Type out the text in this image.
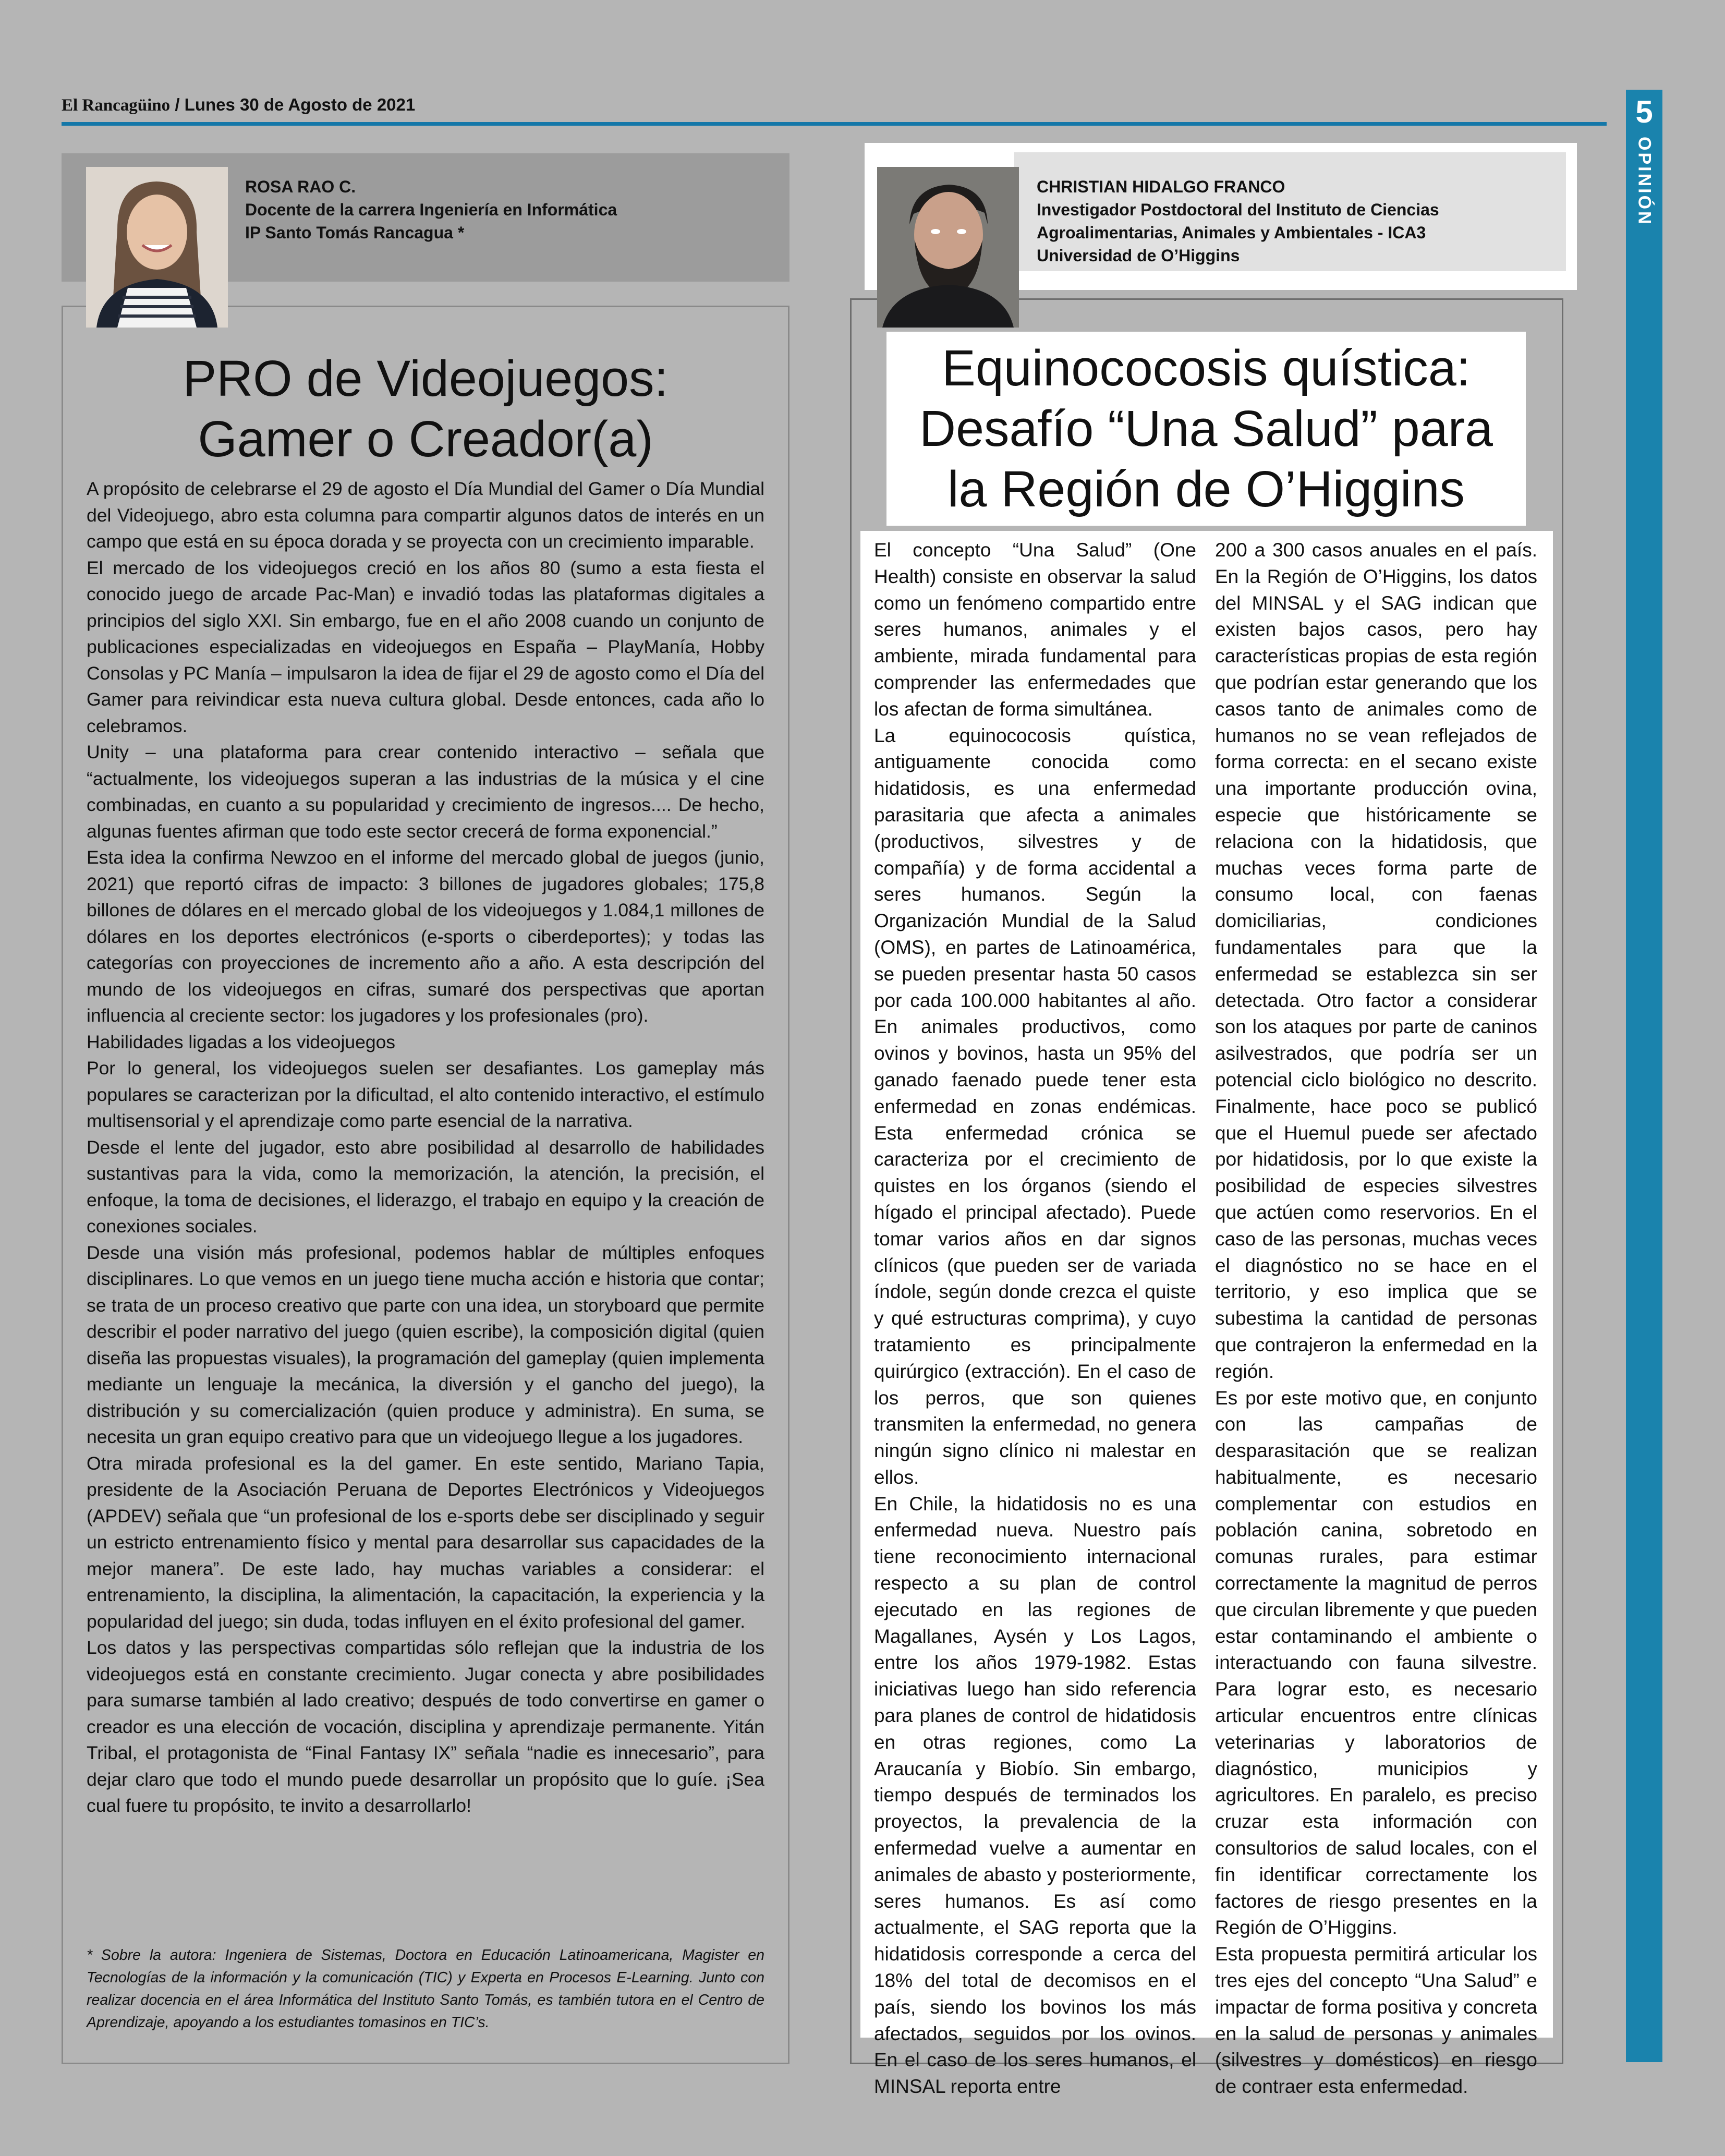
El Rancagüino / Lunes 30 de Agosto de 2021	5
OPINIÓN
ROSA RAO C.
Docente de la carrera Ingeniería en Informática
IP Santo Tomás Rancagua *
PRO de Videojuegos:
Gamer o Creador(a)

A propósito de celebrarse el 29 de agosto el Día Mundial del Gamer o Día Mundial del Videojuego, abro esta columna para compartir algunos datos de interés en un campo que está en su época dorada y se proyecta con un crecimiento imparable.

El mercado de los videojuegos creció en los años 80 (sumo a esta fiesta el conocido juego de arcade Pac-Man) e invadió todas las plataformas digitales a principios del siglo XXI. Sin embargo, fue en el año 2008 cuando un conjunto de publicaciones especializadas en videojuegos en España – PlayManía, Hobby Consolas y PC Manía – impulsaron la idea de fijar el 29 de agosto como el Día del Gamer para reivindicar esta nueva cultura global. Desde entonces, cada año lo celebramos.

Unity – una plataforma para crear contenido interactivo – señala que “actualmente, los videojuegos superan a las industrias de la música y el cine combinadas, en cuanto a su popularidad y crecimiento de ingresos.... De hecho, algunas fuentes afirman que todo este sector crecerá de forma exponencial.”

Esta idea la confirma Newzoo en el informe del mercado global de juegos (junio, 2021) que reportó cifras de impacto: 3 billones de jugadores globales; 175,8 billones de dólares en el mercado global de los videojuegos y 1.084,1 millones de dólares en los deportes electrónicos (e-sports o ciberdeportes); y todas las categorías con proyecciones de incremento año a año. A esta descripción del mundo de los videojuegos en cifras, sumaré dos perspectivas que aportan influencia al creciente sector: los jugadores y los profesionales (pro).

Habilidades ligadas a los videojuegos

Por lo general, los videojuegos suelen ser desafiantes. Los gameplay más populares se caracterizan por la dificultad, el alto contenido interactivo, el estímulo multisensorial y el aprendizaje como parte esencial de la narrativa.

Desde el lente del jugador, esto abre posibilidad al desarrollo de habilidades sustantivas para la vida, como la memorización, la atención, la precisión, el enfoque, la toma de decisiones, el liderazgo, el trabajo en equipo y la creación de conexiones sociales.

Desde una visión más profesional, podemos hablar de múltiples enfoques disciplinares. Lo que vemos en un juego tiene mucha acción e historia que contar; se trata de un proceso creativo que parte con una idea, un storyboard que permite describir el poder narrativo del juego (quien escribe), la composición digital (quien diseña las propuestas visuales), la programación del gameplay (quien implementa mediante un lenguaje la mecánica, la diversión y el gancho del juego), la distribución y su comercialización (quien produce y administra). En suma, se necesita un gran equipo creativo para que un videojuego llegue a los jugadores.

Otra mirada profesional es la del gamer. En este sentido, Mariano Tapia, presidente de la Asociación Peruana de Deportes Electrónicos y Videojuegos (APDEV) señala que “un profesional de los e-sports debe ser disciplinado y seguir un estricto entrenamiento físico y mental para desarrollar sus capacidades de la mejor manera”. De este lado, hay muchas variables a considerar: el entrenamiento, la disciplina, la alimentación, la capacitación, la experiencia y la popularidad del juego; sin duda, todas influyen en el éxito profesional del gamer.

Los datos y las perspectivas compartidas sólo reflejan que la industria de los videojuegos está en constante crecimiento. Jugar conecta y abre posibilidades para sumarse también al lado creativo; después de todo convertirse en gamer o creador es una elección de vocación, disciplina y aprendizaje permanente. Yitán Tribal, el protagonista de “Final Fantasy IX” señala “nadie es innecesario”, para dejar claro que todo el mundo puede desarrollar un propósito que lo guíe. ¡Sea cual fuere tu propósito, te invito a desarrollarlo!

* Sobre la autora: Ingeniera de Sistemas, Doctora en Educación Latinoamericana, Magister en Tecnologías de la información y la comunicación (TIC) y Experta en Procesos E-Learning. Junto con realizar docencia en el área Informática del Instituto Santo Tomás, es también tutora en el Centro de Aprendizaje, apoyando a los estudiantes tomasinos en TIC’s.
CHRISTIAN HIDALGO FRANCO
Investigador Postdoctoral del Instituto de Ciencias
Agroalimentarias, Animales y Ambientales - ICA3
Universidad de O’Higgins
Equinococosis quística:
Desafío “Una Salud” para
la Región de O’Higgins

El concepto “Una Salud” (One Health) consiste en observar la salud como un fenómeno compartido entre seres humanos, animales y el ambiente, mirada fundamental para comprender las enfermedades que los afectan de forma simultánea.

La equinococosis quística, antiguamente conocida como hidatidosis, es una enfermedad parasitaria que afecta a animales (productivos, silvestres y de compañía) y de forma accidental a seres humanos. Según la Organización Mundial de la Salud (OMS), en partes de Latinoamérica, se pueden presentar hasta 50 casos por cada 100.000 habitantes al año. En animales productivos, como ovinos y bovinos, hasta un 95% del ganado faenado puede tener esta enfermedad en zonas endémicas. Esta enfermedad crónica se caracteriza por el crecimiento de quistes en los órganos (siendo el hígado el principal afectado). Puede tomar varios años en dar signos clínicos (que pueden ser de variada índole, según donde crezca el quiste y qué estructuras comprima), y cuyo tratamiento es principalmente quirúrgico (extracción). En el caso de los perros, que son quienes transmiten la enfermedad, no genera ningún signo clínico ni malestar en ellos.

En Chile, la hidatidosis no es una enfermedad nueva. Nuestro país tiene reconocimiento internacional respecto a su plan de control ejecutado en las regiones de Magallanes, Aysén y Los Lagos, entre los años 1979-1982. Estas iniciativas luego han sido referencia para planes de control de hidatidosis en otras regiones, como La Araucanía y Biobío. Sin embargo, tiempo después de terminados los proyectos, la prevalencia de la enfermedad vuelve a aumentar en animales de abasto y posteriormente, seres humanos. Es así como actualmente, el SAG reporta que la hidatidosis corresponde a cerca del 18% del total de decomisos en el país, siendo los bovinos los más afectados, seguidos por los ovinos. En el caso de los seres humanos, el MINSAL reporta entre

200 a 300 casos anuales en el país. En la Región de O’Higgins, los datos del MINSAL y el SAG indican que existen bajos casos, pero hay características propias de esta región que podrían estar generando que los casos tanto de animales como de humanos no se vean reflejados de forma correcta: en el secano existe una importante producción ovina, especie que históricamente se relaciona con la hidatidosis, que muchas veces forma parte de consumo local, con faenas domiciliarias, condiciones fundamentales para que la enfermedad se establezca sin ser detectada. Otro factor a considerar son los ataques por parte de caninos asilvestrados, que podría ser un potencial ciclo biológico no descrito. Finalmente, hace poco se publicó que el Huemul puede ser afectado por hidatidosis, por lo que existe la posibilidad de especies silvestres que actúen como reservorios. En el caso de las personas, muchas veces el diagnóstico no se hace en el territorio, y eso implica que se subestima la cantidad de personas que contrajeron la enfermedad en la región.

Es por este motivo que, en conjunto con las campañas de desparasitación que se realizan habitualmente, es necesario complementar con estudios en población canina, sobretodo en comunas rurales, para estimar correctamente la magnitud de perros que circulan libremente y que pueden estar contaminando el ambiente o interactuando con fauna silvestre. Para lograr esto, es necesario articular encuentros entre clínicas veterinarias y laboratorios de diagnóstico, municipios y agricultores. En paralelo, es preciso cruzar esta información con consultorios de salud locales, con el fin identificar correctamente los factores de riesgo presentes en la Región de O’Higgins.

Esta propuesta permitirá articular los tres ejes del concepto “Una Salud” e impactar de forma positiva y concreta en la salud de personas y animales (silvestres y domésticos) en riesgo de contraer esta enfermedad.
